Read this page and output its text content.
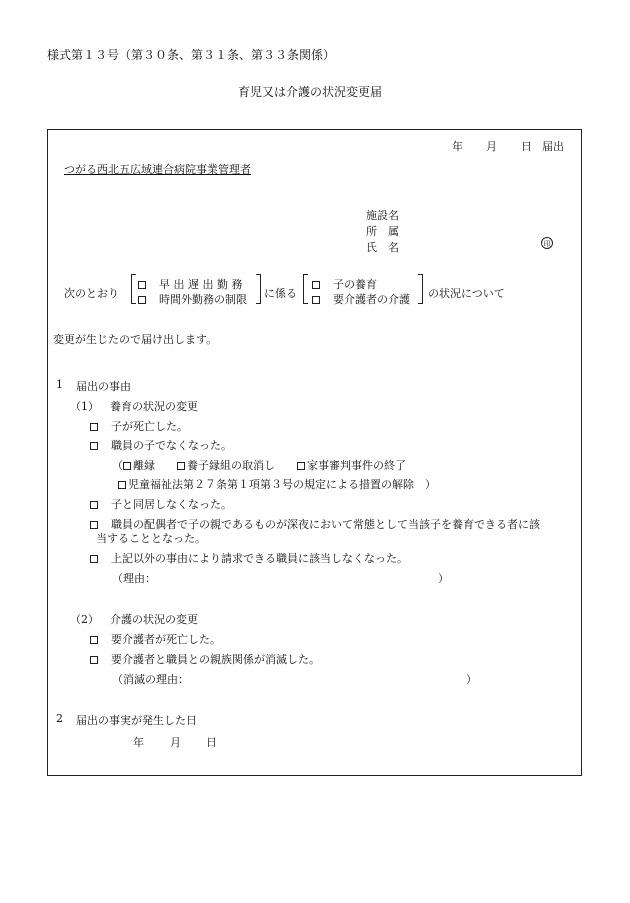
様式第１３号（第３０条、第３１条、第３３条関係）
育児又は介護の状況変更届
年 月 日 届出
つがる西北五広域連合病院事業管理者
施設名
所　属
氏　名	印
次のとおり
　早 出 遅 出 勤 務
　時間外勤務の制限 に係る
　子の養育
　要介護者の介護 の状況について
変更が生じたので届け出します。
1 届出の事由
（1） 養育の状況の変更
　子が死亡した。
　職員の子でなくなった。
（ 離縁　　	養子縁組の取消し　　	家事審判事件の終了
児童福祉法第２７条第１項第３号の規定による措置の解除　 ）
　子と同居しなくなった。
　職員の配偶者で子の親であるものが深夜において常態として当該子を養育できる者に該
当することとなった。
　上記以外の事由により請求できる職員に該当しなくなった。
（理由：	）
（2） 介護の状況の変更
　要介護者が死亡した。
　要介護者と職員との親族関係が消滅した。
（消滅の理由：	）
2 届出の事実が発生した日
年 月 日
